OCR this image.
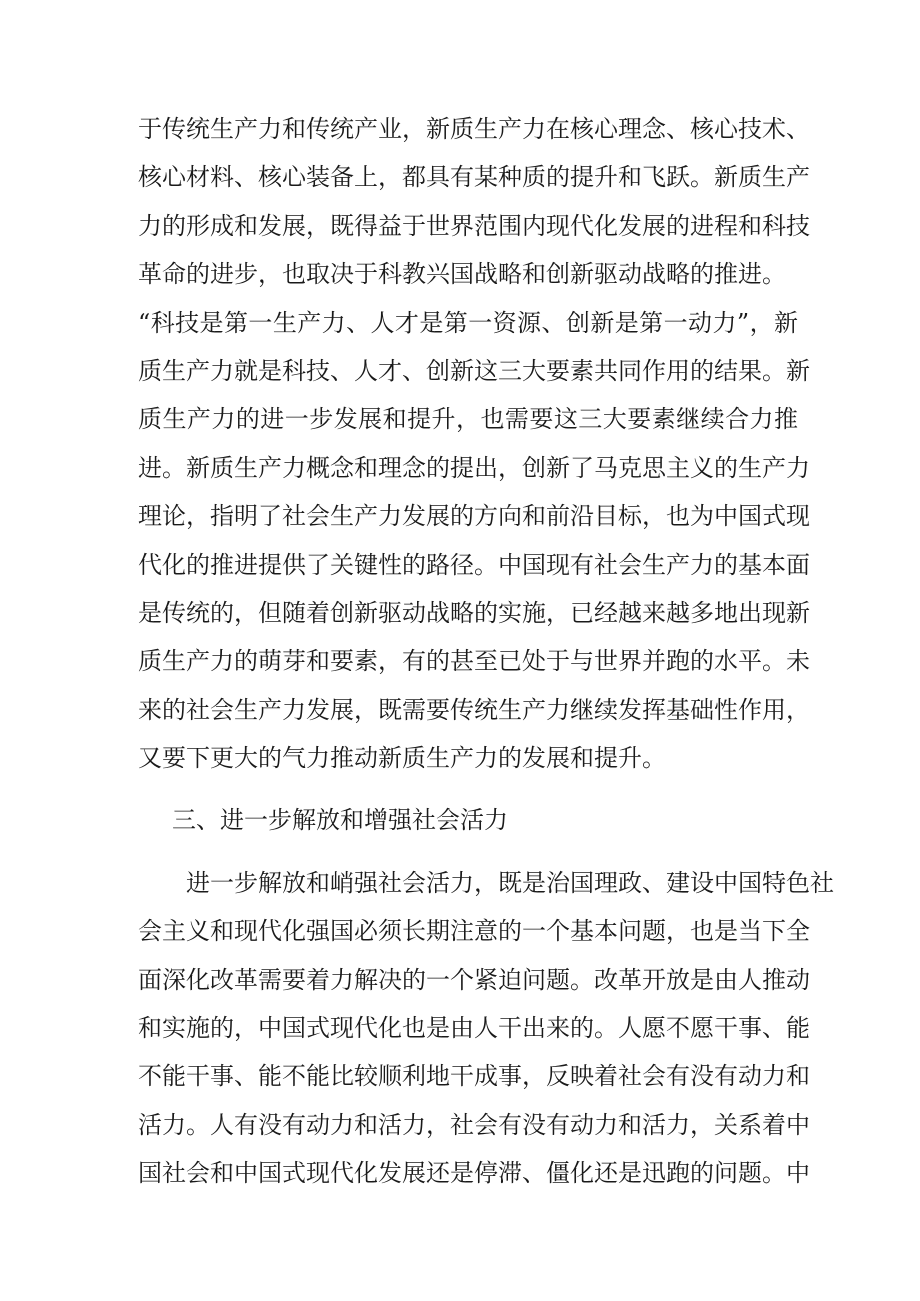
于传统生产力和传统产业，新质生产力在核心理念、核心技术、
核心材料、核心装备上，都具有某种质的提升和飞跃。新质生产
力的形成和发展，既得益于世界范围内现代化发展的进程和科技
革命的进步，也取决于科教兴国战略和创新驱动战略的推进。
“科技是第一生产力、人才是第一资源、创新是第一动力”，新
质生产力就是科技、人才、创新这三大要素共同作用的结果。新
质生产力的进一步发展和提升，也需要这三大要素继续合力推
进。新质生产力概念和理念的提出，创新了马克思主义的生产力
理论，指明了社会生产力发展的方向和前沿目标，也为中国式现
代化的推进提供了关键性的路径。中国现有社会生产力的基本面
是传统的，但随着创新驱动战略的实施，已经越来越多地出现新
质生产力的萌芽和要素，有的甚至已处于与世界并跑的水平。未
来的社会生产力发展，既需要传统生产力继续发挥基础性作用，
又要下更大的气力推动新质生产力的发展和提升。
三、进一步解放和增强社会活力
进一步解放和峭强社会活力，既是治国理政、建设中国特色社
会主义和现代化强国必须长期注意的一个基本问题，也是当下全
面深化改革需要着力解决的一个紧迫问题。改革开放是由人推动
和实施的，中国式现代化也是由人干出来的。人愿不愿干事、能
不能干事、能不能比较顺利地干成事，反映着社会有没有动力和
活力。人有没有动力和活力，社会有没有动力和活力，关系着中
国社会和中国式现代化发展还是停滞、僵化还是迅跑的问题。中
